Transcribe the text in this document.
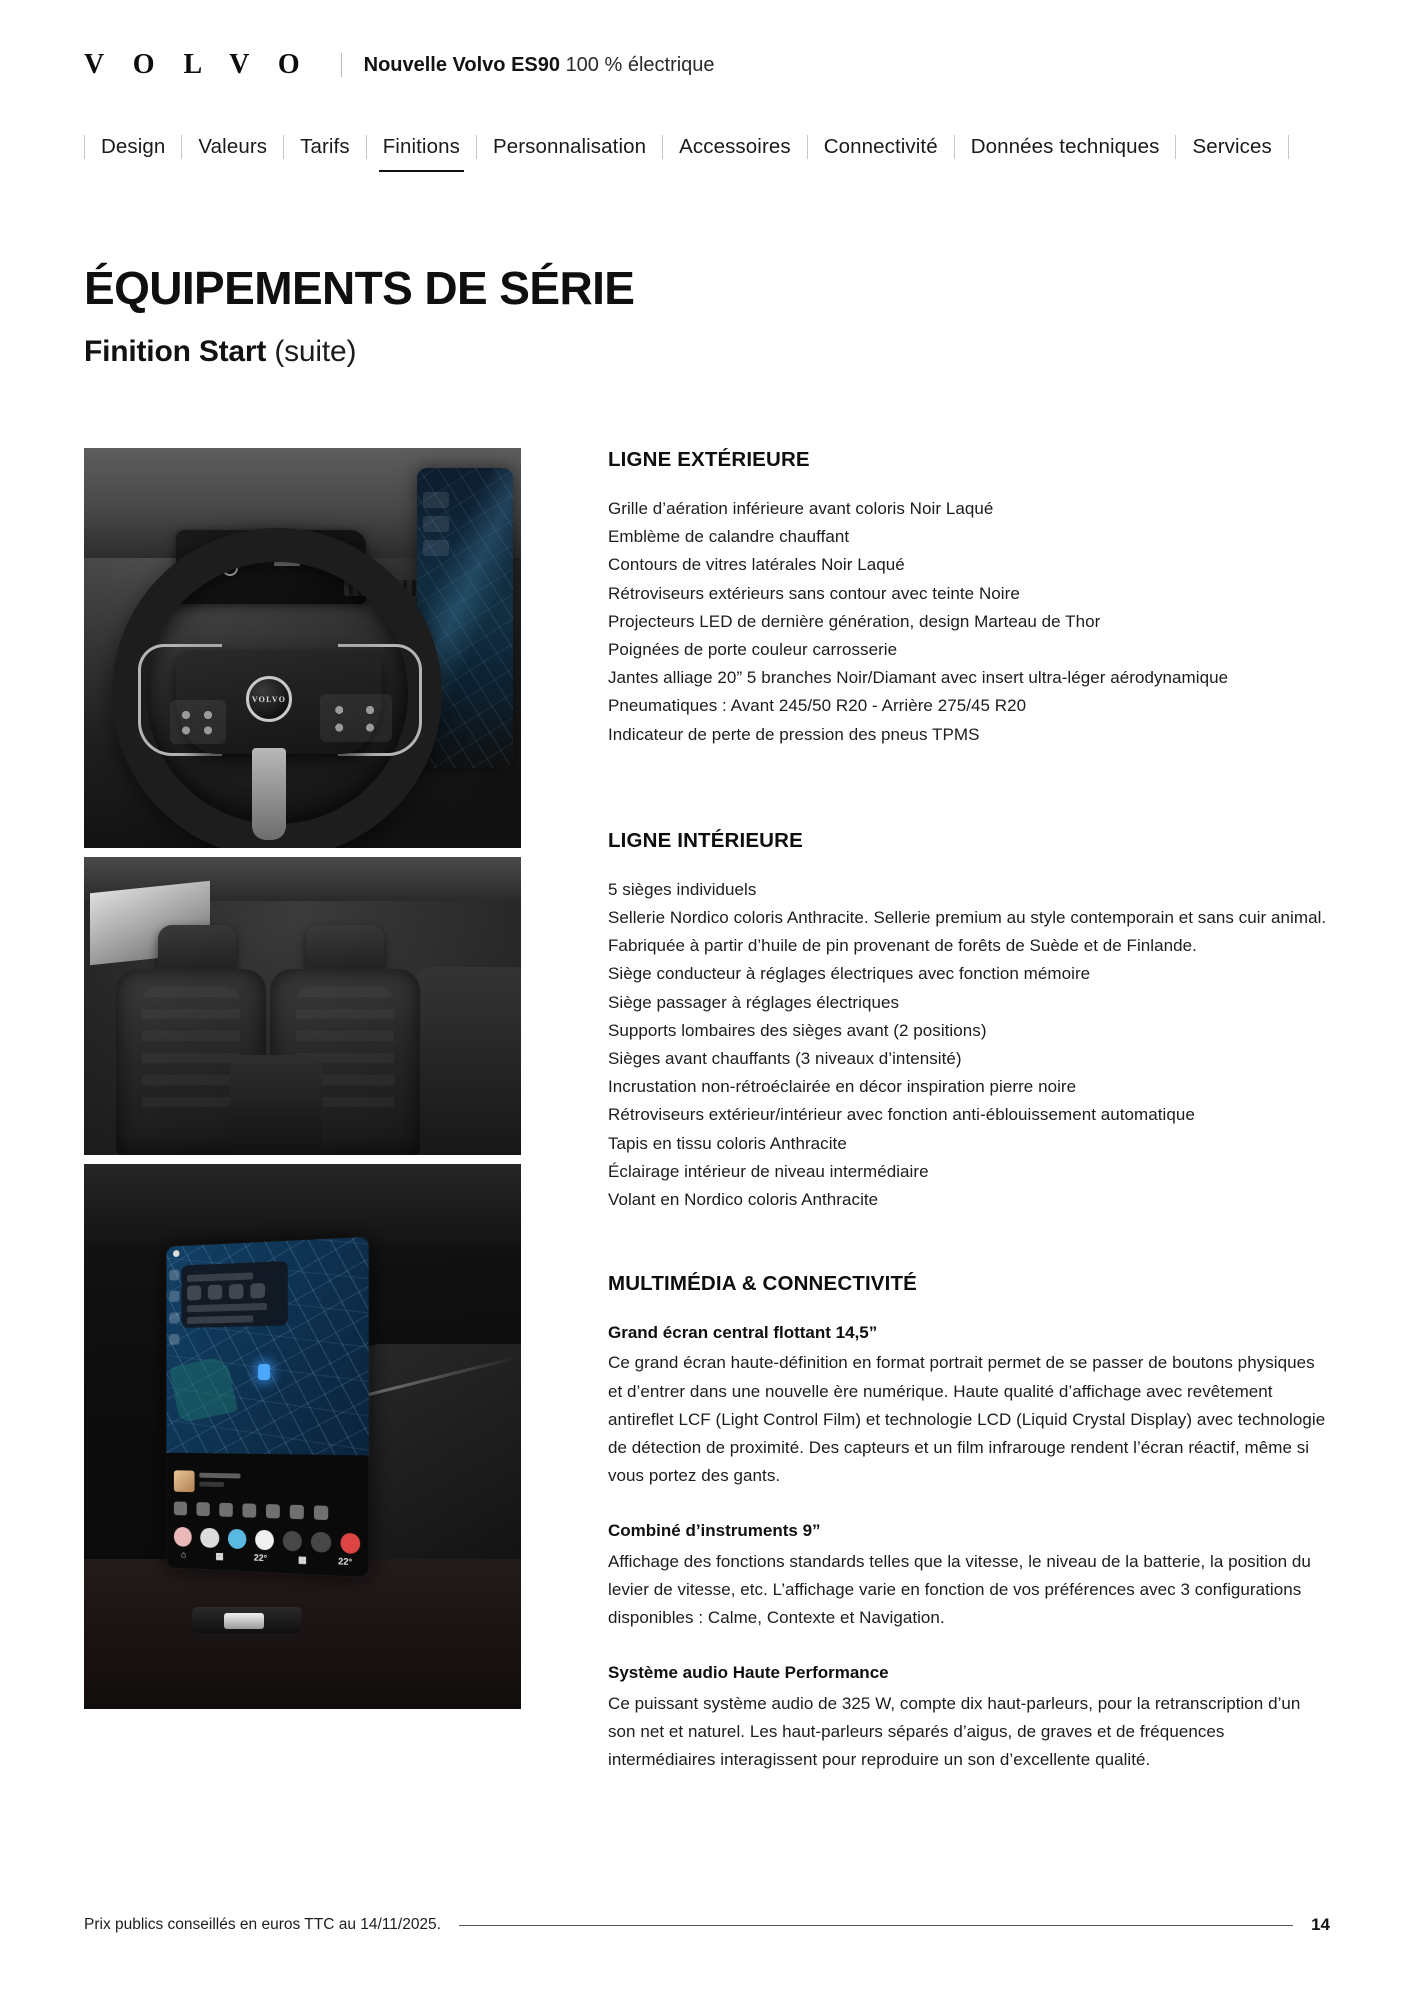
V O L V O	Nouvelle Volvo ES90 100 % électrique
Design	Valeurs	Tarifs	Finitions	Personnalisation	Accessoires	Connectivité	Données techniques	Services
ÉQUIPEMENTS DE SÉRIE
Finition Start (suite)
VOLVO
⌂	▦	22°	▦	22°
LIGNE EXTÉRIEURE
Grille d’aération inférieure avant coloris Noir Laqué
Emblème de calandre chauffant
Contours de vitres latérales Noir Laqué
Rétroviseurs extérieurs sans contour avec teinte Noire
Projecteurs LED de dernière génération, design Marteau de Thor
Poignées de porte couleur carrosserie
Jantes alliage 20” 5 branches Noir/Diamant avec insert ultra-léger aérodynamique
Pneumatiques : Avant 245/50 R20 - Arrière 275/45 R20
Indicateur de perte de pression des pneus TPMS
LIGNE INTÉRIEURE
5 sièges individuels
Sellerie Nordico coloris Anthracite. Sellerie premium au style contemporain et sans cuir animal. Fabriquée à partir d’huile de pin provenant de forêts de Suède et de Finlande.
Siège conducteur à réglages électriques avec fonction mémoire
Siège passager à réglages électriques
Supports lombaires des sièges avant (2 positions)
Sièges avant chauffants (3 niveaux d’intensité)
Incrustation non-rétroéclairée en décor inspiration pierre noire
Rétroviseurs extérieur/intérieur avec fonction anti-éblouissement automatique
Tapis en tissu coloris Anthracite
Éclairage intérieur de niveau intermédiaire
Volant en Nordico coloris Anthracite
MULTIMÉDIA & CONNECTIVITÉ
Grand écran central flottant 14,5”

Ce grand écran haute-définition en format portrait permet de se passer de boutons physiques et d’entrer dans une nouvelle ère numérique. Haute qualité d’affichage avec revêtement antireflet LCF (Light Control Film) et technologie LCD (Liquid Crystal Display) avec technologie de détection de proximité. Des capteurs et un film infrarouge rendent l’écran réactif, même si vous portez des gants.

Combiné d’instruments 9”

Affichage des fonctions standards telles que la vitesse, le niveau de la batterie, la position du levier de vitesse, etc. L’affichage varie en fonction de vos préférences avec 3 configurations disponibles : Calme, Contexte et Navigation.

Système audio Haute Performance

Ce puissant système audio de 325 W, compte dix haut-parleurs, pour la retranscription d’un son net et naturel. Les haut-parleurs séparés d’aigus, de graves et de fréquences intermédiaires interagissent pour reproduire un son d’excellente qualité.

Prix publics conseillés en euros TTC au 14/11/2025.	14
